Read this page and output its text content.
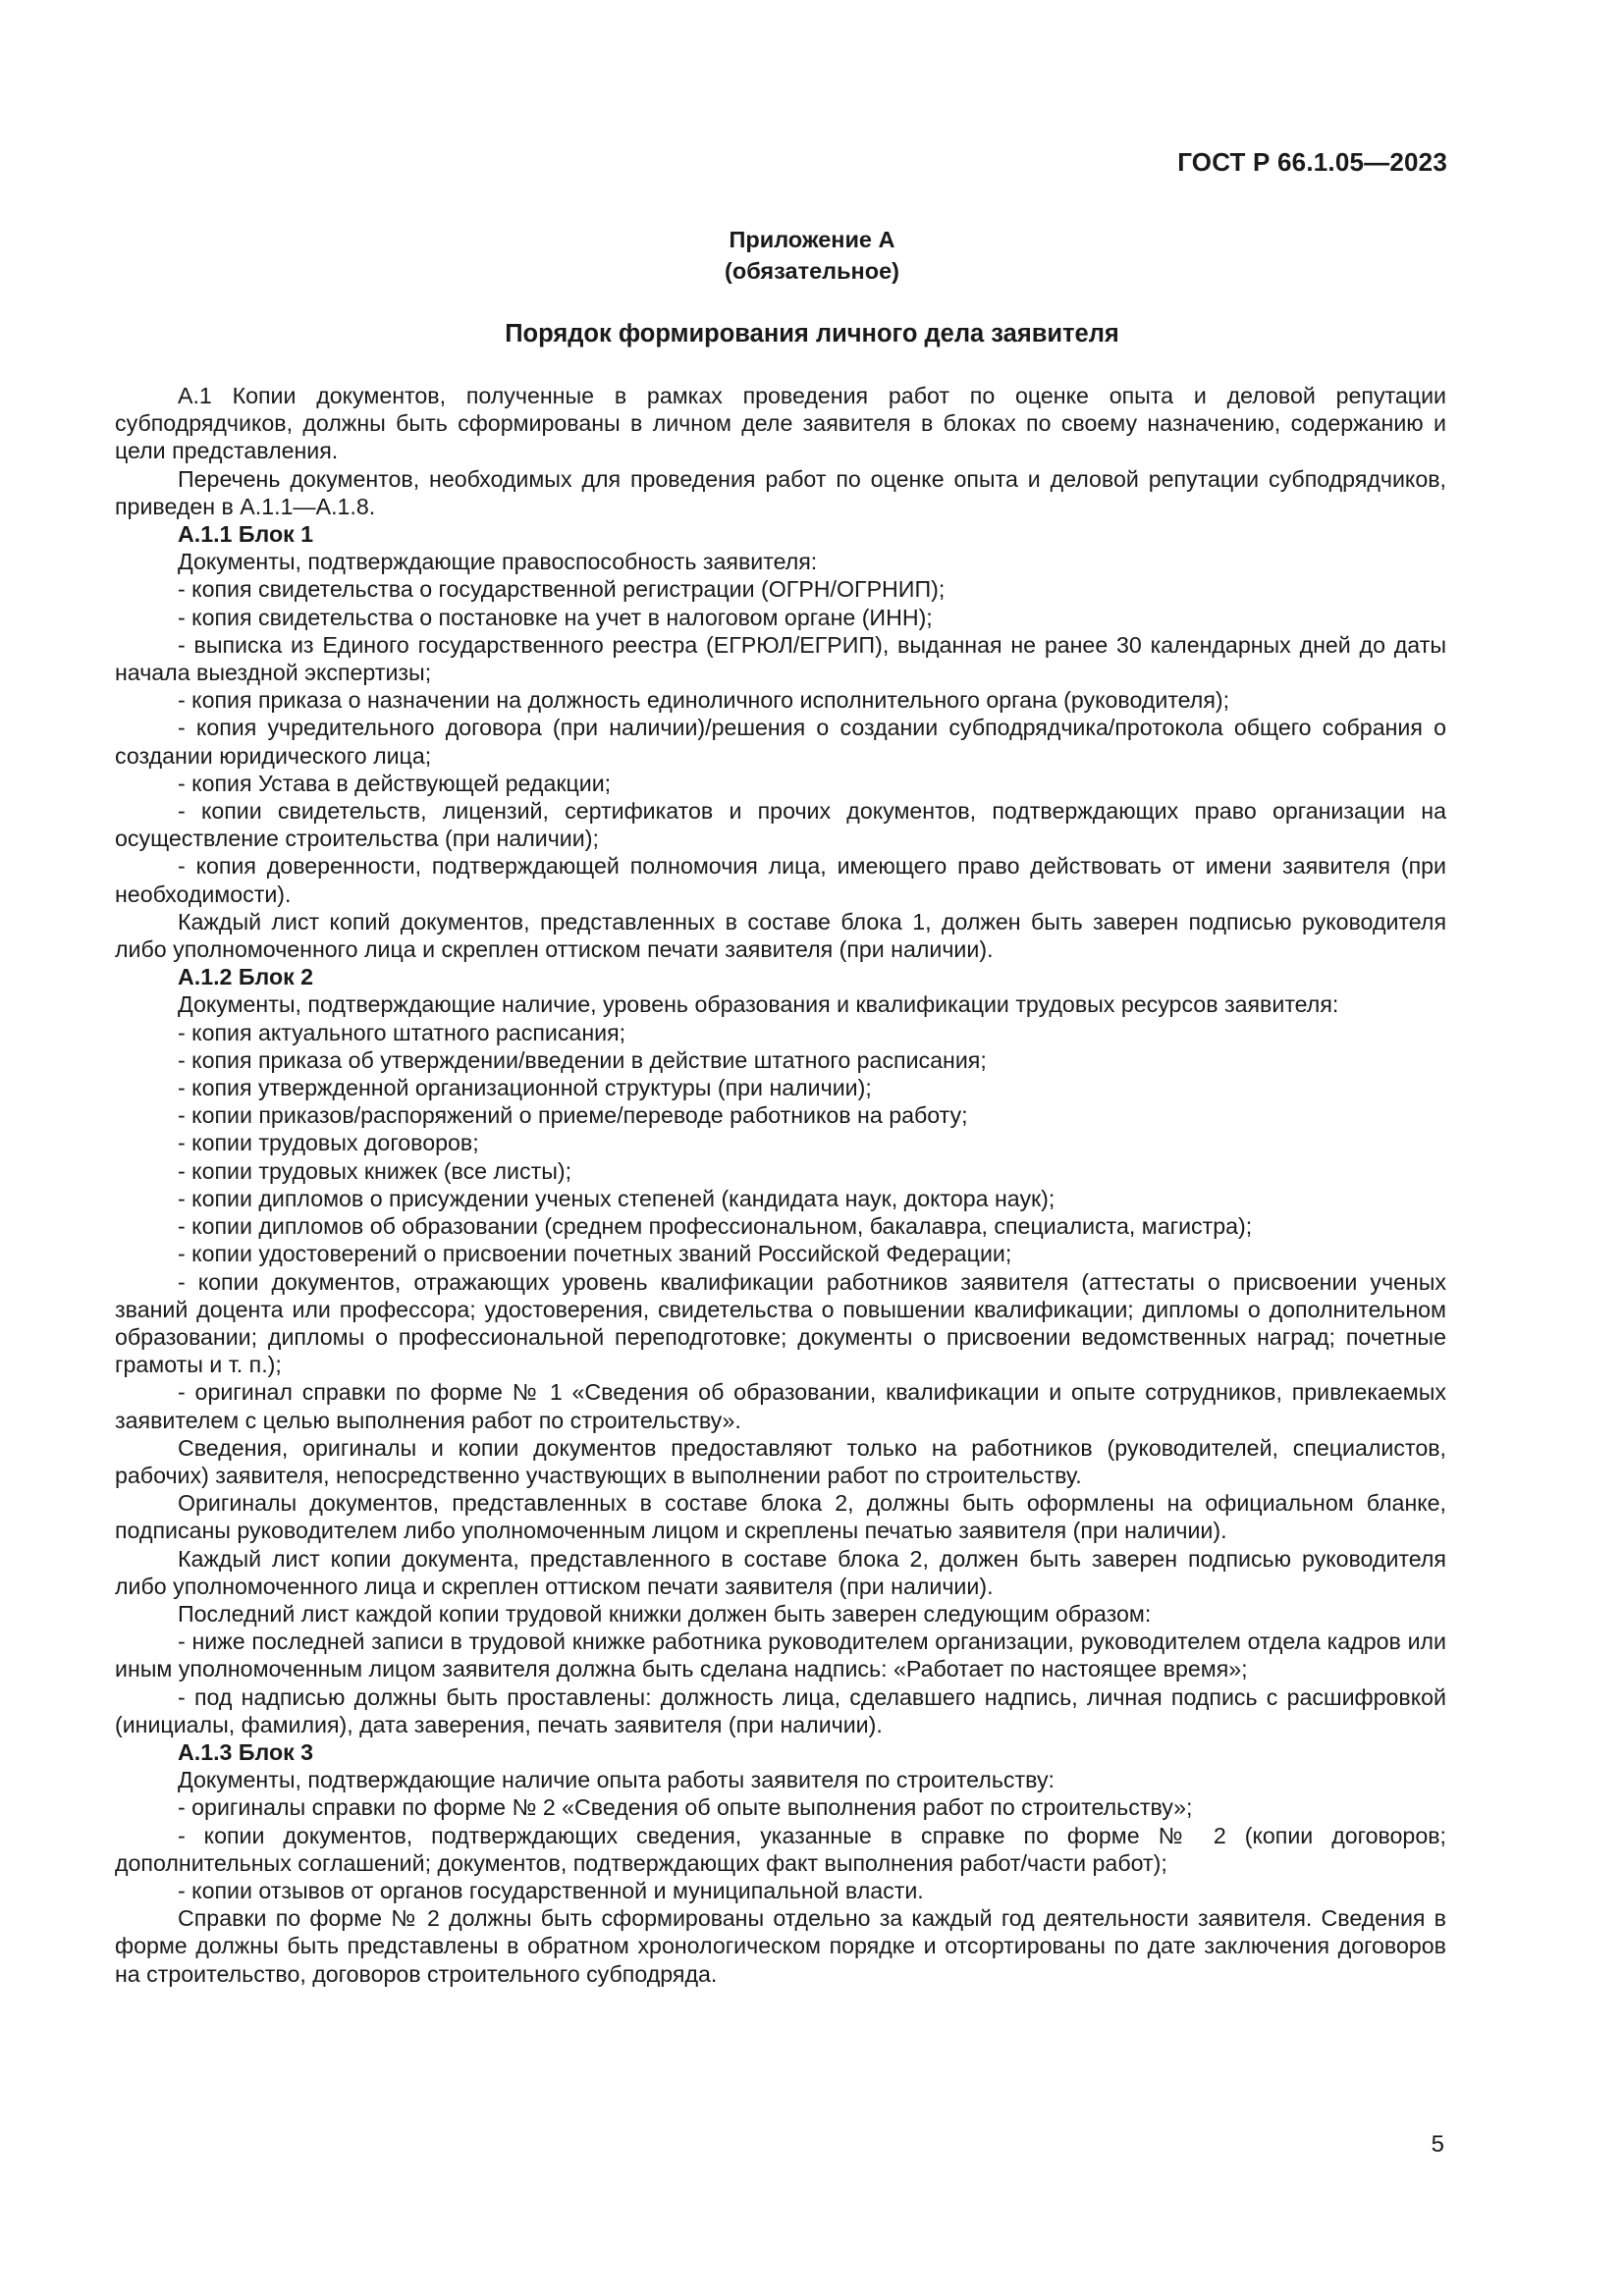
ГОСТ Р 66.1.05—2023
Приложение А
(обязательное)
Порядок формирования личного дела заявителя

А.1 Копии документов, полученные в рамках проведения работ по оценке опыта и деловой репутации субподрядчиков, должны быть сформированы в личном деле заявителя в блоках по своему назначению, содержанию и цели представления.

Перечень документов, необходимых для проведения работ по оценке опыта и деловой репутации субподрядчиков, приведен в А.1.1—А.1.8.

А.1.1 Блок 1

Документы, подтверждающие правоспособность заявителя:

- копия свидетельства о государственной регистрации (ОГРН/ОГРНИП);

- копия свидетельства о постановке на учет в налоговом органе (ИНН);

- выписка из Единого государственного реестра (ЕГРЮЛ/ЕГРИП), выданная не ранее 30 календарных дней до даты начала выездной экспертизы;

- копия приказа о назначении на должность единоличного исполнительного органа (руководителя);

- копия учредительного договора (при наличии)/решения о создании субподрядчика/протокола общего собрания о создании юридического лица;

- копия Устава в действующей редакции;

- копии свидетельств, лицензий, сертификатов и прочих документов, подтверждающих право организации на осуществление строительства (при наличии);

- копия доверенности, подтверждающей полномочия лица, имеющего право действовать от имени заявителя (при необходимости).

Каждый лист копий документов, представленных в составе блока 1, должен быть заверен подписью руководителя либо уполномоченного лица и скреплен оттиском печати заявителя (при наличии).

А.1.2 Блок 2

Документы, подтверждающие наличие, уровень образования и квалификации трудовых ресурсов заявителя:

- копия актуального штатного расписания;

- копия приказа об утверждении/введении в действие штатного расписания;

- копия утвержденной организационной структуры (при наличии);

- копии приказов/распоряжений о приеме/переводе работников на работу;

- копии трудовых договоров;

- копии трудовых книжек (все листы);

- копии дипломов о присуждении ученых степеней (кандидата наук, доктора наук);

- копии дипломов об образовании (среднем профессиональном, бакалавра, специалиста, магистра);

- копии удостоверений о присвоении почетных званий Российской Федерации;

- копии документов, отражающих уровень квалификации работников заявителя (аттестаты о присвоении ученых званий доцента или профессора; удостоверения, свидетельства о повышении квалификации; дипломы о дополнительном образовании; дипломы о профессиональной переподготовке; документы о присвоении ведомственных наград; почетные грамоты и т. п.);

- оригинал справки по форме № 1 «Сведения об образовании, квалификации и опыте сотрудников, привлекаемых заявителем с целью выполнения работ по строительству».

Сведения, оригиналы и копии документов предоставляют только на работников (руководителей, специалистов, рабочих) заявителя, непосредственно участвующих в выполнении работ по строительству.

Оригиналы документов, представленных в составе блока 2, должны быть оформлены на официальном бланке, подписаны руководителем либо уполномоченным лицом и скреплены печатью заявителя (при наличии).

Каждый лист копии документа, представленного в составе блока 2, должен быть заверен подписью руководителя либо уполномоченного лица и скреплен оттиском печати заявителя (при наличии).

Последний лист каждой копии трудовой книжки должен быть заверен следующим образом:

- ниже последней записи в трудовой книжке работника руководителем организации, руководителем отдела кадров или иным уполномоченным лицом заявителя должна быть сделана надпись: «Работает по настоящее время»;

- под надписью должны быть проставлены: должность лица, сделавшего надпись, личная подпись с расшифровкой (инициалы, фамилия), дата заверения, печать заявителя (при наличии).

А.1.3 Блок 3

Документы, подтверждающие наличие опыта работы заявителя по строительству:

- оригиналы справки по форме № 2 «Сведения об опыте выполнения работ по строительству»;

- копии документов, подтверждающих сведения, указанные в справке по форме № 2 (копии договоров; дополнительных соглашений; документов, подтверждающих факт выполнения работ/части работ);

- копии отзывов от органов государственной и муниципальной власти.

Справки по форме № 2 должны быть сформированы отдельно за каждый год деятельности заявителя. Сведения в форме должны быть представлены в обратном хронологическом порядке и отсортированы по дате заключения договоров на строительство, договоров строительного субподряда.

5
